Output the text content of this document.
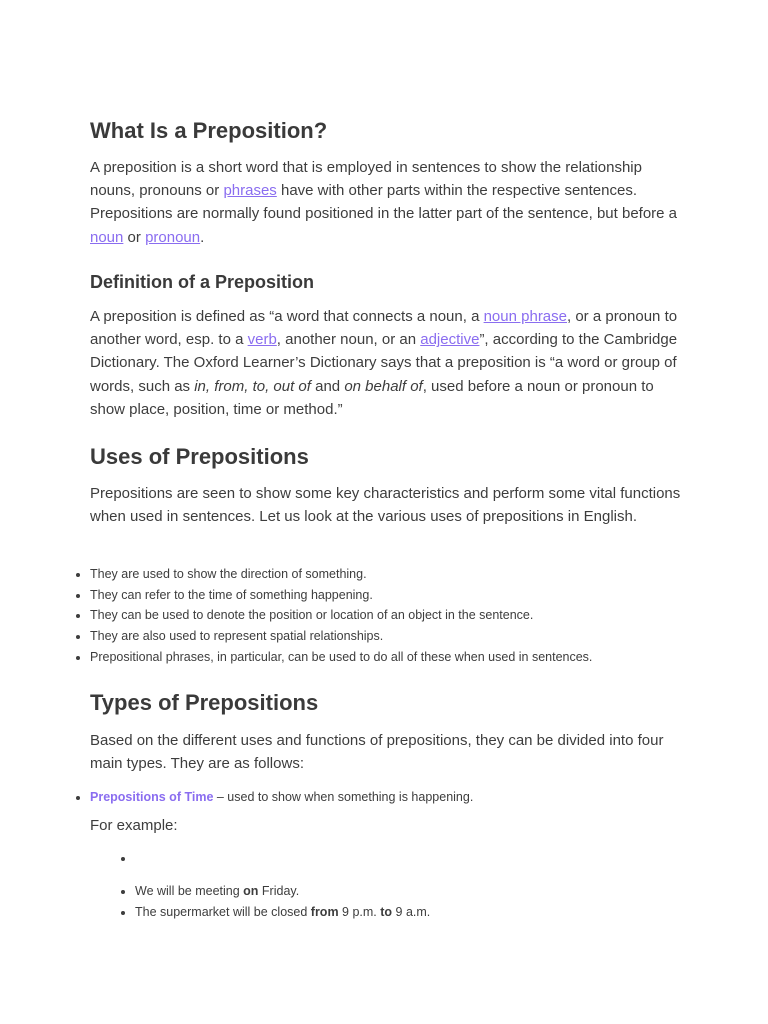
What Is a Preposition?

A preposition is a short word that is employed in sentences to show the relationship nouns, pronouns or phrases have with other parts within the respective sentences. Prepositions are normally found positioned in the latter part of the sentence, but before a noun or pronoun.

Definition of a Preposition

A preposition is defined as “a word that connects a noun, a noun phrase, or a pronoun to another word, esp. to a verb, another noun, or an adjective”, according to the Cambridge Dictionary. The Oxford Learner’s Dictionary says that a preposition is “a word or group of words, such as in, from, to, out of and on behalf of, used before a noun or pronoun to show place, position, time or method.”

Uses of Prepositions

Prepositions are seen to show some key characteristics and perform some vital functions when used in sentences. Let us look at the various uses of prepositions in English.

• They are used to show the direction of something.
• They can refer to the time of something happening.
• They can be used to denote the position or location of an object in the sentence.
• They are also used to represent spatial relationships.
• Prepositional phrases, in particular, can be used to do all of these when used in sentences.
Types of Prepositions

Based on the different uses and functions of prepositions, they can be divided into four main types. They are as follows:

• Prepositions of Time – used to show when something is happening.

For example:

•
• We will be meeting on Friday.
• The supermarket will be closed from 9 p.m. to 9 a.m.
